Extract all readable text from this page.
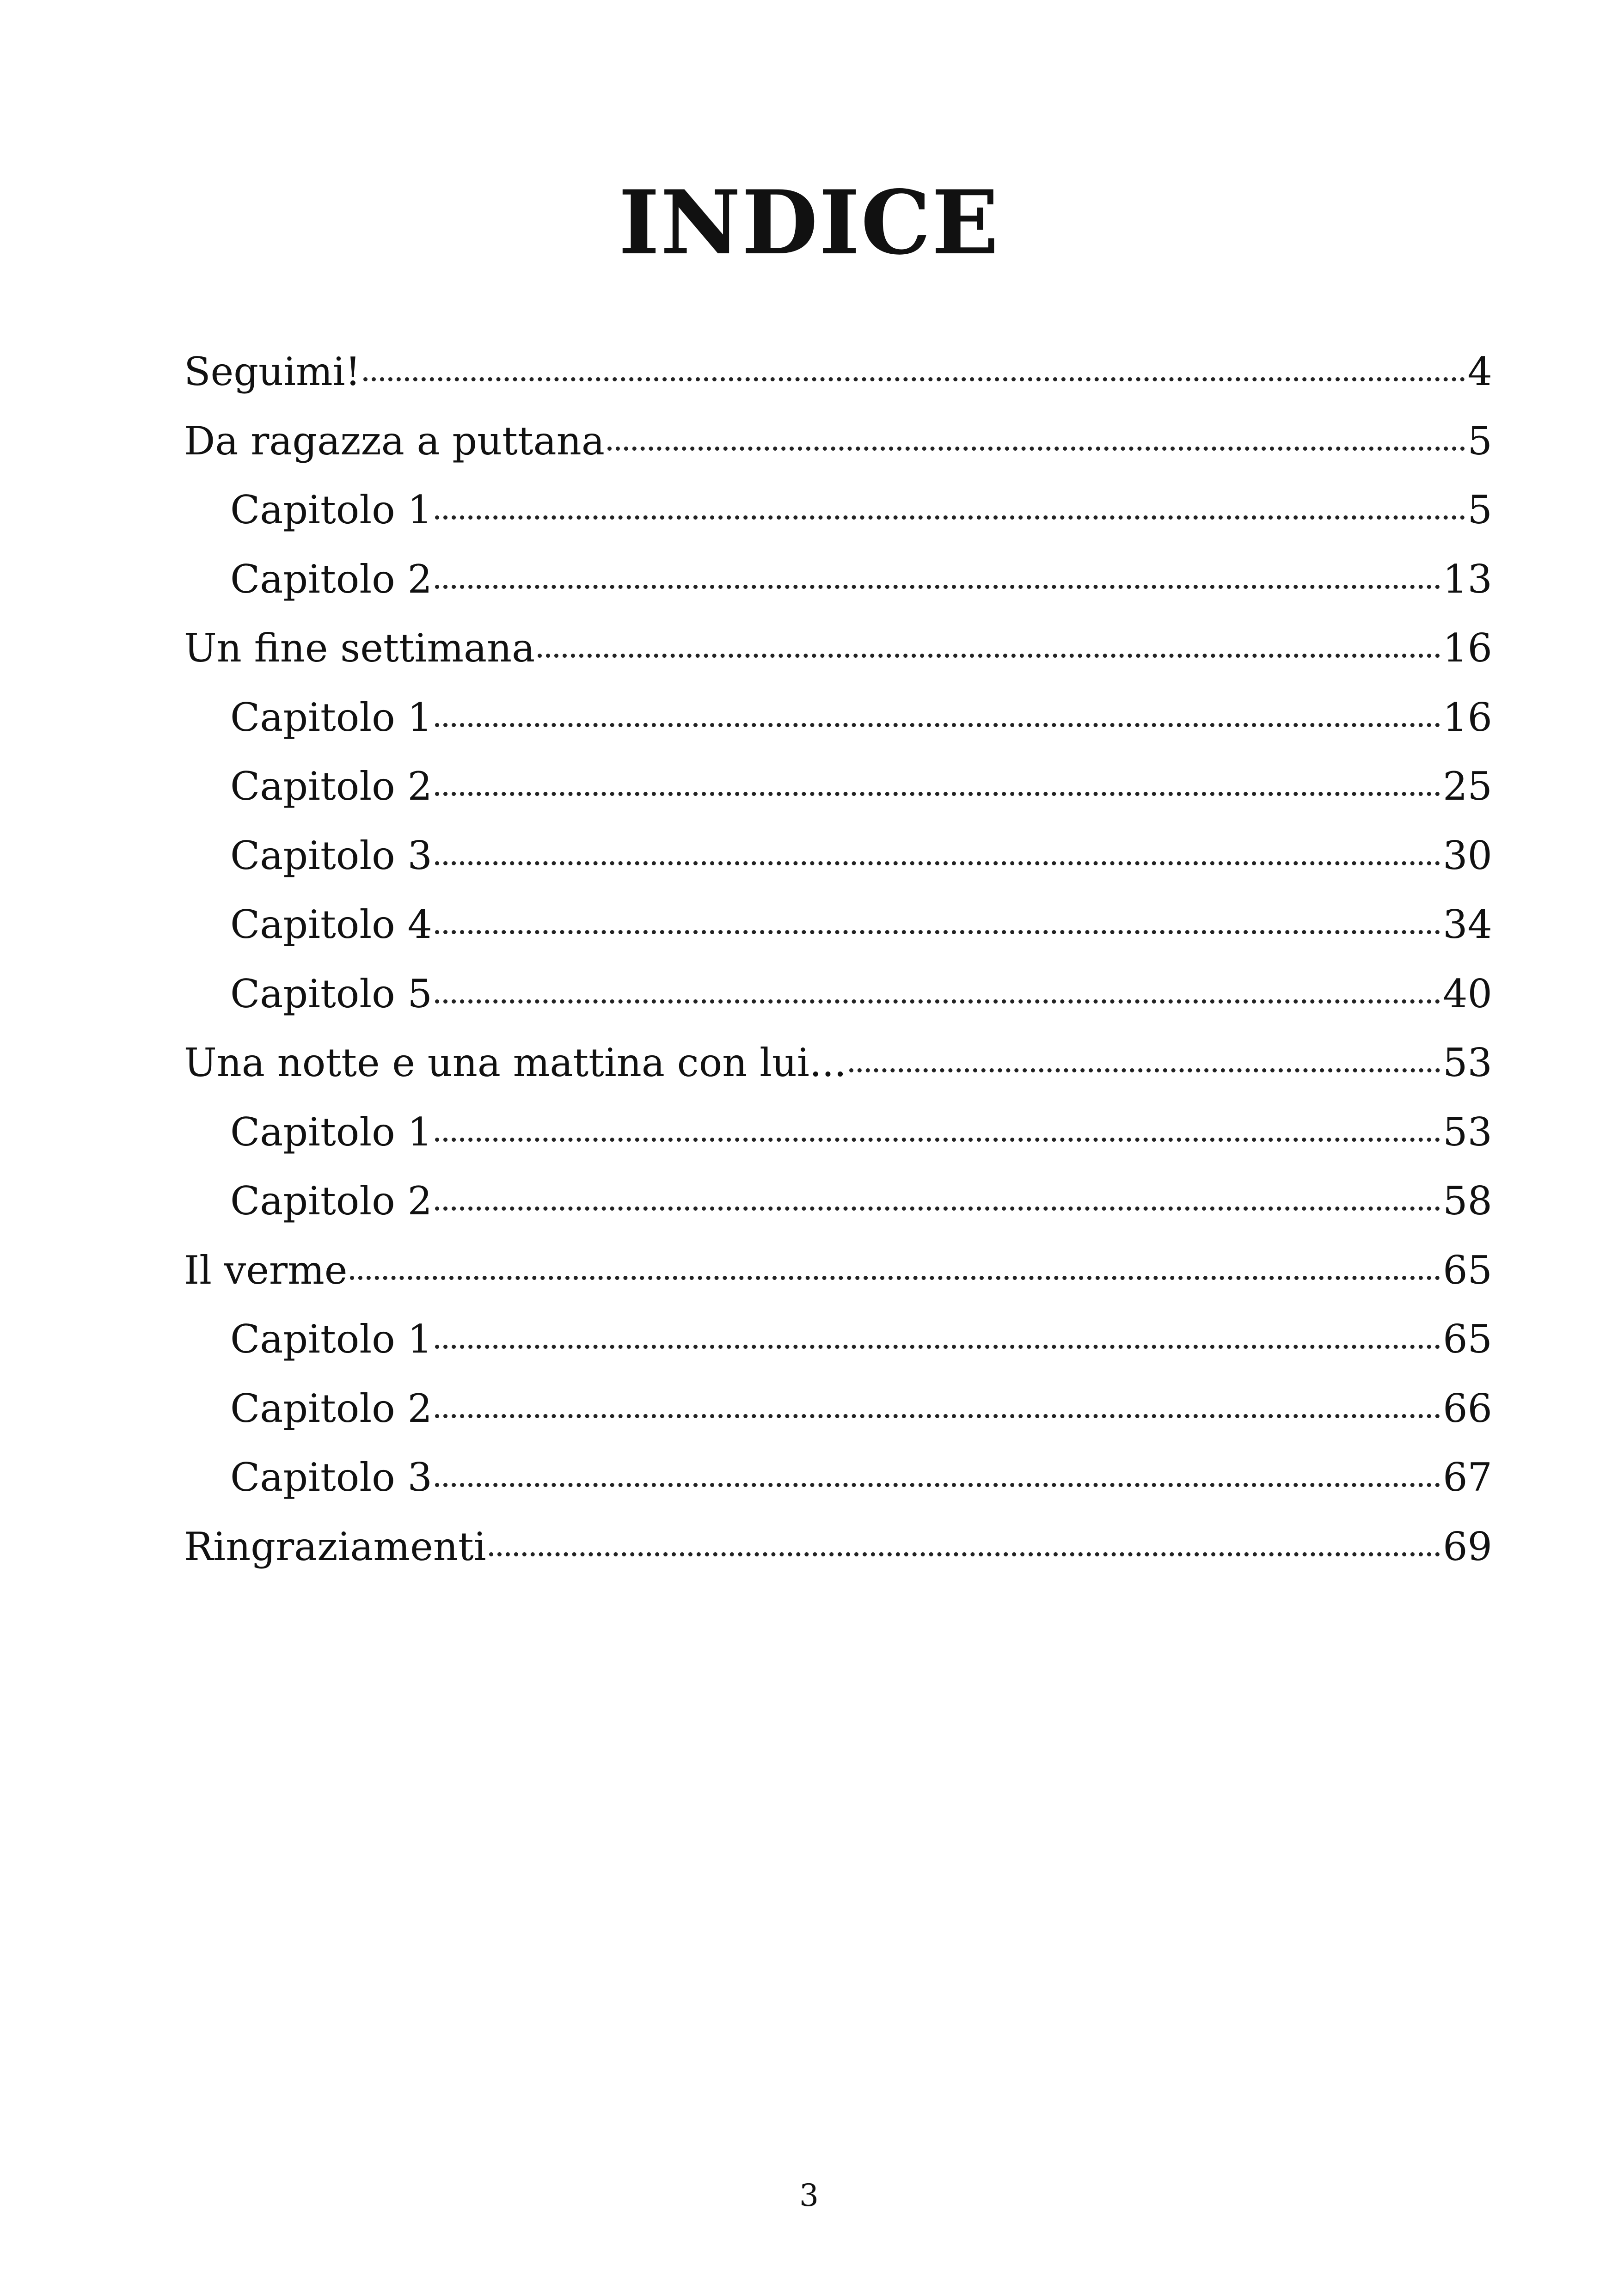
INDICE
Seguimi!	4
Da ragazza a puttana	5
Capitolo 1	5
Capitolo 2	13
Un fine settimana	16
Capitolo 1	16
Capitolo 2	25
Capitolo 3	30
Capitolo 4	34
Capitolo 5	40
Una notte e una mattina con lui...	53
Capitolo 1	53
Capitolo 2	58
Il verme	65
Capitolo 1	65
Capitolo 2	66
Capitolo 3	67
Ringraziamenti	69
3
